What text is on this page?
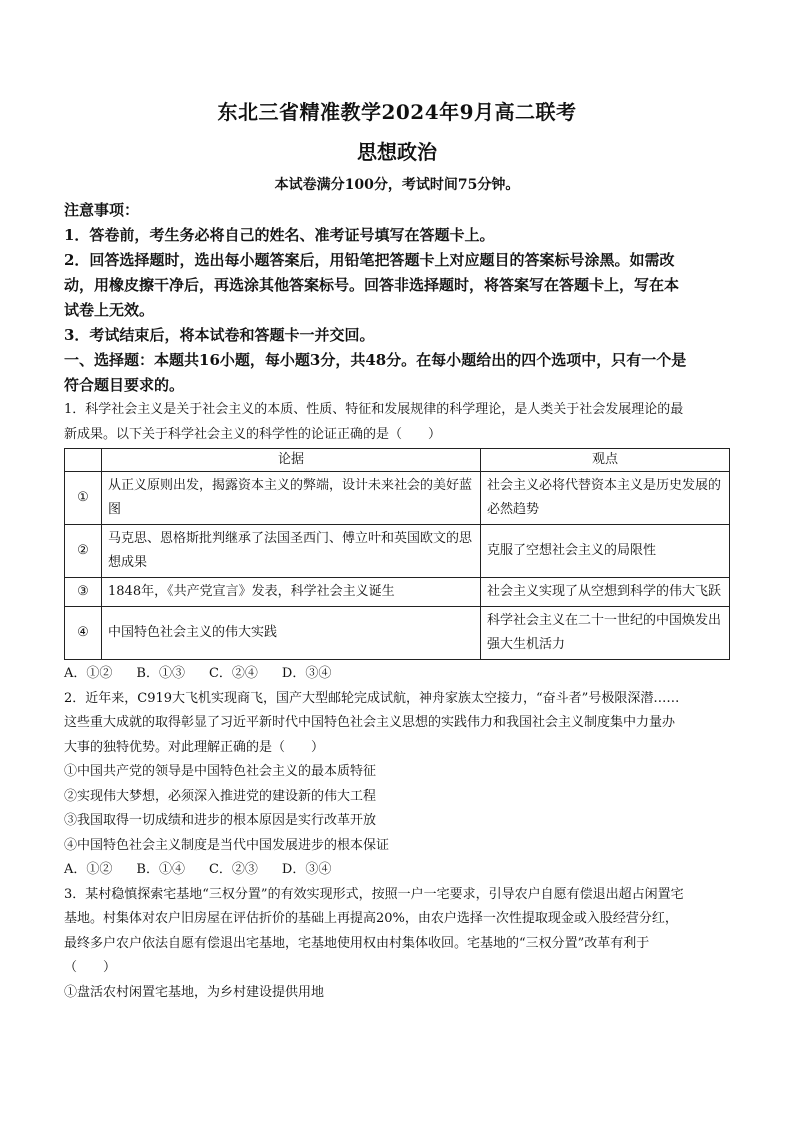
东北三省精准教学2024年9月高二联考
思想政治
本试卷满分100分，考试时间75分钟。

注意事项：

1．答卷前，考生务必将自己的姓名、准考证号填写在答题卡上。

2．回答选择题时，选出每小题答案后，用铅笔把答题卡上对应题目的答案标号涂黑。如需改

动，用橡皮擦干净后，再选涂其他答案标号。回答非选择题时，将答案写在答题卡上，写在本

试卷上无效。

3．考试结束后，将本试卷和答题卡一并交回。

一、选择题：本题共16小题，每小题3分，共48分。在每小题给出的四个选项中，只有一个是

符合题目要求的。

1．科学社会主义是关于社会主义的本质、性质、特征和发展规律的科学理论，是人类关于社会发展理论的最

新成果。以下关于科学社会主义的科学性的论证正确的是（　　）

	论据	观点
①	从正义原则出发，揭露资本主义的弊端，设计未来社会的美好蓝图	社会主义必将代替资本主义是历史发展的必然趋势
②	马克思、恩格斯批判继承了法国圣西门、傅立叶和英国欧文的思想成果	克服了空想社会主义的局限性
③	1848年，《共产党宣言》发表，科学社会主义诞生	社会主义实现了从空想到科学的伟大飞跃
④	中国特色社会主义的伟大实践	科学社会主义在二十一世纪的中国焕发出强大生机活力

A．①② B．①③ C．②④ D．③④

2．近年来，C919大飞机实现商飞，国产大型邮轮完成试航，神舟家族太空接力，“奋斗者”号极限深潜……

这些重大成就的取得彰显了习近平新时代中国特色社会主义思想的实践伟力和我国社会主义制度集中力量办

大事的独特优势。对此理解正确的是（　　）

①中国共产党的领导是中国特色社会主义的最本质特征

②实现伟大梦想，必须深入推进党的建设新的伟大工程

③我国取得一切成绩和进步的根本原因是实行改革开放

④中国特色社会主义制度是当代中国发展进步的根本保证

A．①② B．①④ C．②③ D．③④

3．某村稳慎探索宅基地“三权分置”的有效实现形式，按照一户一宅要求，引导农户自愿有偿退出超占闲置宅

基地。村集体对农户旧房屋在评估折价的基础上再提高20%，由农户选择一次性提取现金或入股经营分红，

最终多户农户依法自愿有偿退出宅基地，宅基地使用权由村集体收回。宅基地的“三权分置”改革有利于

（　　）

①盘活农村闲置宅基地，为乡村建设提供用地
